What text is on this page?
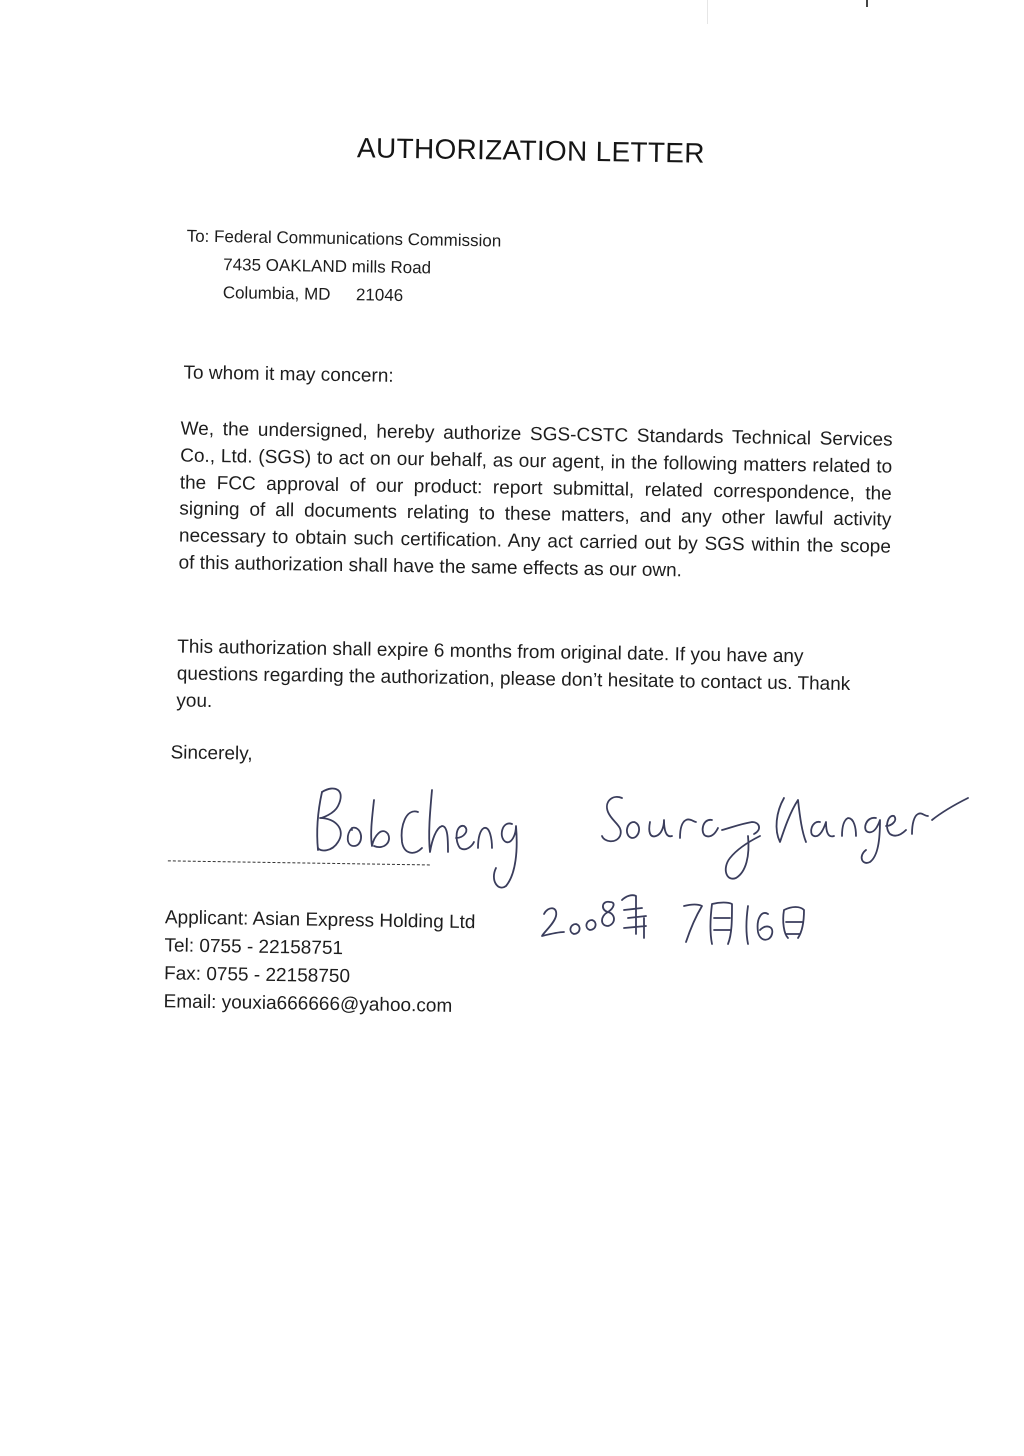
AUTHORIZATION LETTER
To: Federal Communications Commission
7435 OAKLAND mills Road
Columbia, MD 21046
To whom it may concern:

We, the undersigned, hereby authorize SGS-CSTC Standards Technical Services Co., Ltd. (SGS) to act on our behalf, as our agent, in the following matters related to the FCC approval of our product: report submittal, related correspondence, the signing of all documents relating to these matters, and any other lawful activity necessary to obtain such certification. Any act carried out by SGS within the scope of this authorization shall have the same effects as our own.

This authorization shall expire 6 months from original date. If you have any questions regarding the authorization, please don’t hesitate to contact us. Thank you.

Sincerely,
Applicant: Asian Express Holding Ltd
Tel: 0755 - 22158751
Fax: 0755 - 22158750
Email: youxia666666@yahoo.com
